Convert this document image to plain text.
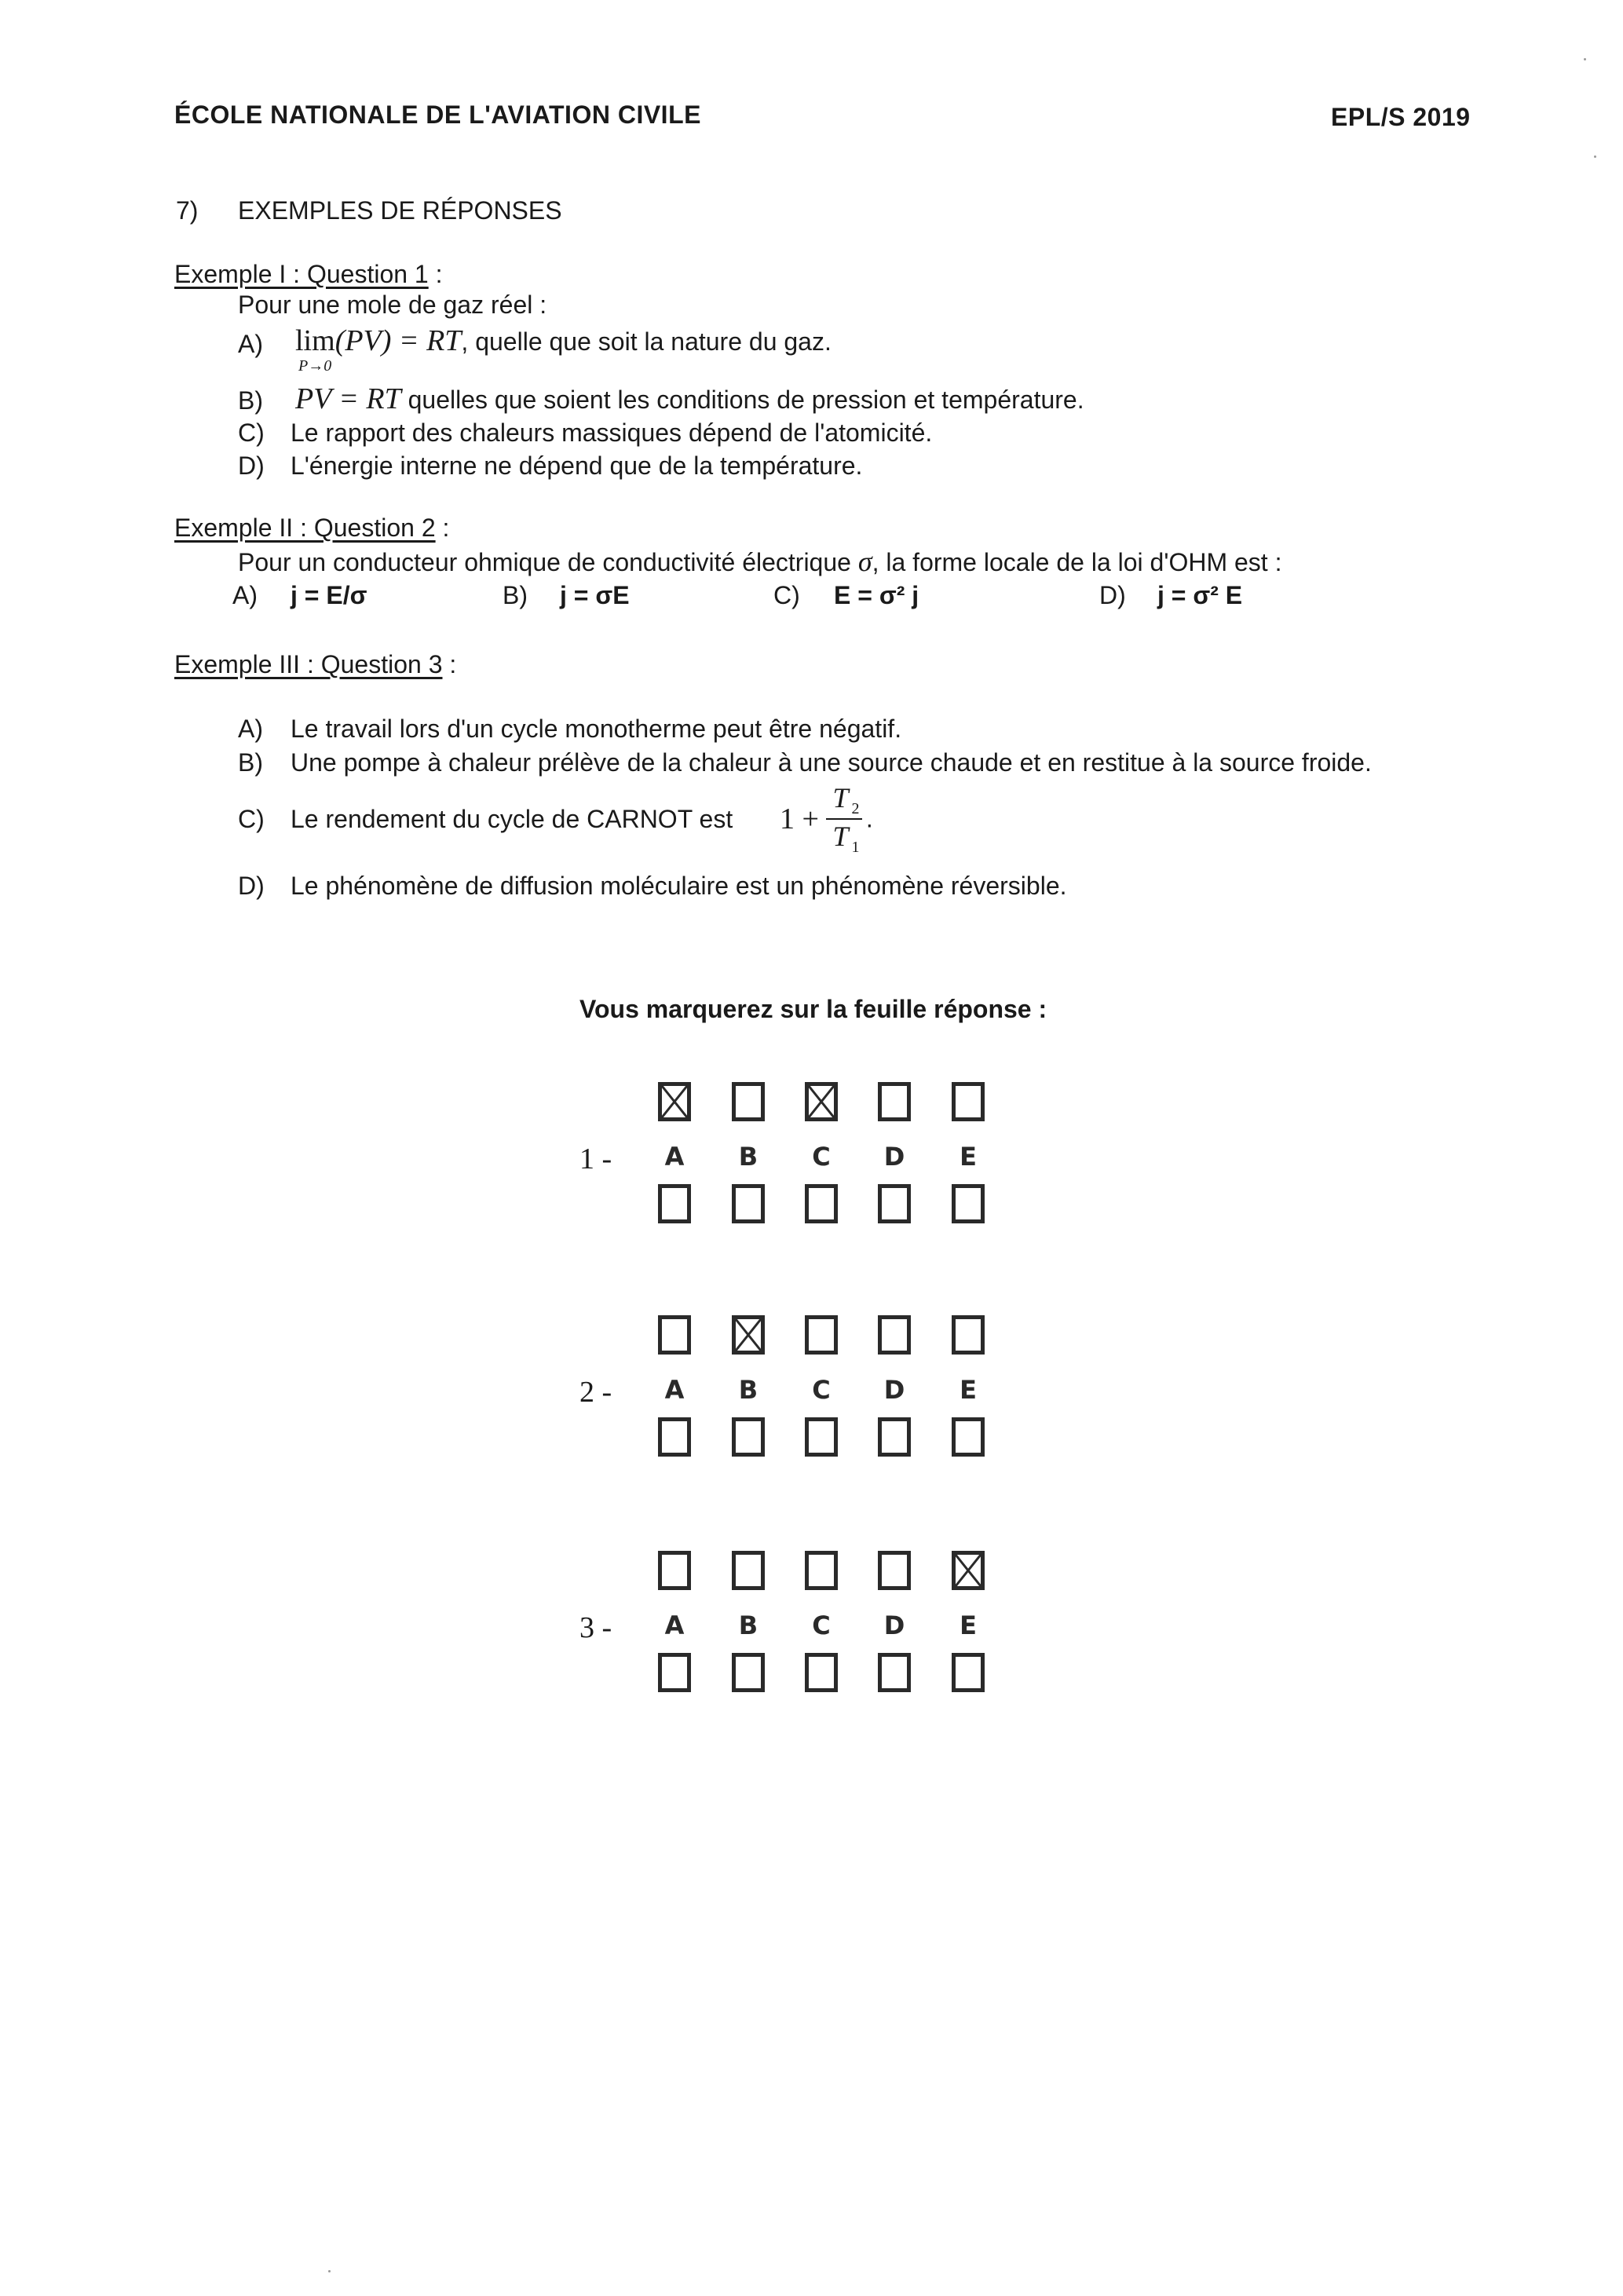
ÉCOLE NATIONALE DE L'AVIATION CIVILE	EPL/S 2019
7) EXEMPLES DE RÉPONSES
Exemple I : Question 1 :
Pour une mole de gaz réel :
A) lim(PV) = RT, quelle que soit la nature du gaz.
P→0
B) PV = RT quelles que soient les conditions de pression et température.
C) Le rapport des chaleurs massiques dépend de l'atomicité.
D) L'énergie interne ne dépend que de la température.
Exemple II : Question 2 :
Pour un conducteur ohmique de conductivité électrique σ, la forme locale de la loi d'OHM est :
A) j = E/σ	B) j = σE	C) E = σ² j	D) j = σ² E
Exemple III : Question 3 :
A) Le travail lors d'un cycle monotherme peut être négatif.
B) Une pompe à chaleur prélève de la chaleur à une source chaude et en restitue à la source froide.
C) Le rendement du cycle de CARNOT est $1 + \frac{T _2}{T _1}$ .
D) Le phénomène de diffusion moléculaire est un phénomène réversible.
Vous marquerez sur la feuille réponse :
1 -	A	B	C	D	E
2 -	A	B	C	D	E
3 -	A	B	C	D	E
